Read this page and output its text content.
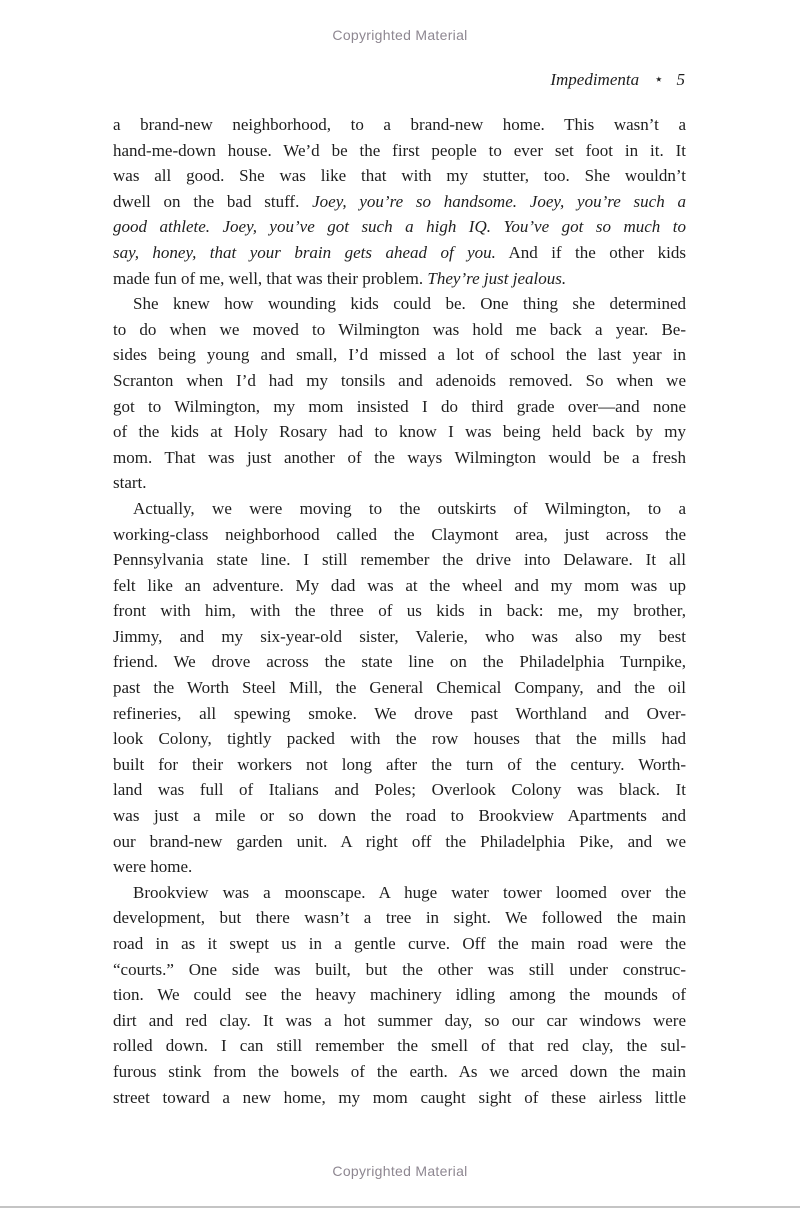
Copyrighted Material
Impedimenta ⋆ 5
a brand-new neighborhood, to a brand-new home. This wasn’t a
hand-me-down house. We’d be the first people to ever set foot in it. It
was all good. She was like that with my stutter, too. She wouldn’t
dwell on the bad stuff. Joey, you’re so handsome. Joey, you’re such a
good athlete. Joey, you’ve got such a high IQ. You’ve got so much to
say, honey, that your brain gets ahead of you. And if the other kids
made fun of me, well, that was their problem. They’re just jealous.
She knew how wounding kids could be. One thing she determined
to do when we moved to Wilmington was hold me back a year. Be-
sides being young and small, I’d missed a lot of school the last year in
Scranton when I’d had my tonsils and adenoids removed. So when we
got to Wilmington, my mom insisted I do third grade over—and none
of the kids at Holy Rosary had to know I was being held back by my
mom. That was just another of the ways Wilmington would be a fresh
start.
Actually, we were moving to the outskirts of Wilmington, to a
working-class neighborhood called the Claymont area, just across the
Pennsylvania state line. I still remember the drive into Delaware. It all
felt like an adventure. My dad was at the wheel and my mom was up
front with him, with the three of us kids in back: me, my brother,
Jimmy, and my six-year-old sister, Valerie, who was also my best
friend. We drove across the state line on the Philadelphia Turnpike,
past the Worth Steel Mill, the General Chemical Company, and the oil
refineries, all spewing smoke. We drove past Worthland and Over-
look Colony, tightly packed with the row houses that the mills had
built for their workers not long after the turn of the century. Worth-
land was full of Italians and Poles; Overlook Colony was black. It
was just a mile or so down the road to Brookview Apartments and
our brand-new garden unit. A right off the Philadelphia Pike, and we
were home.
Brookview was a moonscape. A huge water tower loomed over the
development, but there wasn’t a tree in sight. We followed the main
road in as it swept us in a gentle curve. Off the main road were the
“courts.” One side was built, but the other was still under construc-
tion. We could see the heavy machinery idling among the mounds of
dirt and red clay. It was a hot summer day, so our car windows were
rolled down. I can still remember the smell of that red clay, the sul-
furous stink from the bowels of the earth. As we arced down the main
street toward a new home, my mom caught sight of these airless little
Copyrighted Material
